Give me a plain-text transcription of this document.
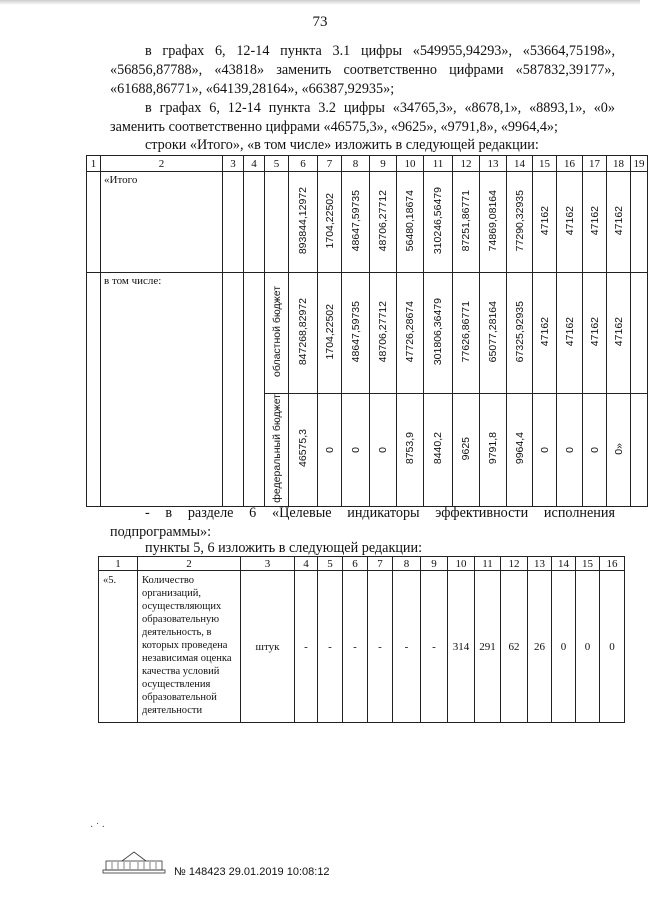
73

в графах 6, 12-14 пункта 3.1 цифры «549955,94293», «53664,75198», «56856,87788», «43818» заменить соответственно цифрами «587832,39177», «61688,86771», «64139,28164», «66387,92935»;

в графах 6, 12-14 пункта 3.2 цифры «34765,3», «8678,1», «8893,1», «0» заменить соответственно цифрами «46575,3», «9625», «9791,8», «9964,4»;

строки «Итого», «в том числе» изложить в следующей редакции:

1	2	3	4	5	6	7	8	9	10	11	12	13	14	15	16	17	18	19
	«Итого				893844,12972	1704,22502	48647,59735	48706,27712	56480,18674	310246,56479	87251,86771	74869,08164	77290,32935	47162	47162	47162	47162	
	в том числе:			областной бюджет	847268,82972	1704,22502	48647,59735	48706,27712	47726,28674	301806,36479	77626,86771	65077,28164	67325,92935	47162	47162	47162	47162	
				федеральный бюджет	46575,3	0	0	0	8753,9	8440,2	9625	9791,8	9964,4	0	0	0	0»	

- в разделе 6 «Целевые индикаторы эффективности исполнения подпрограммы»:

пункты 5, 6 изложить в следующей редакции:

1	2	3	4	5	6	7	8	9	10	11	12	13	14	15	16
«5.	Количество организаций, осуществляющих образовательную деятельность, в которых проведена независимая оценка качества условий осуществления образовательной деятельности	штук	-	-	-	-	-	-	314	291	62	26	0	0	0
· ˙ ·
№ 148423 29.01.2019 10:08:12
